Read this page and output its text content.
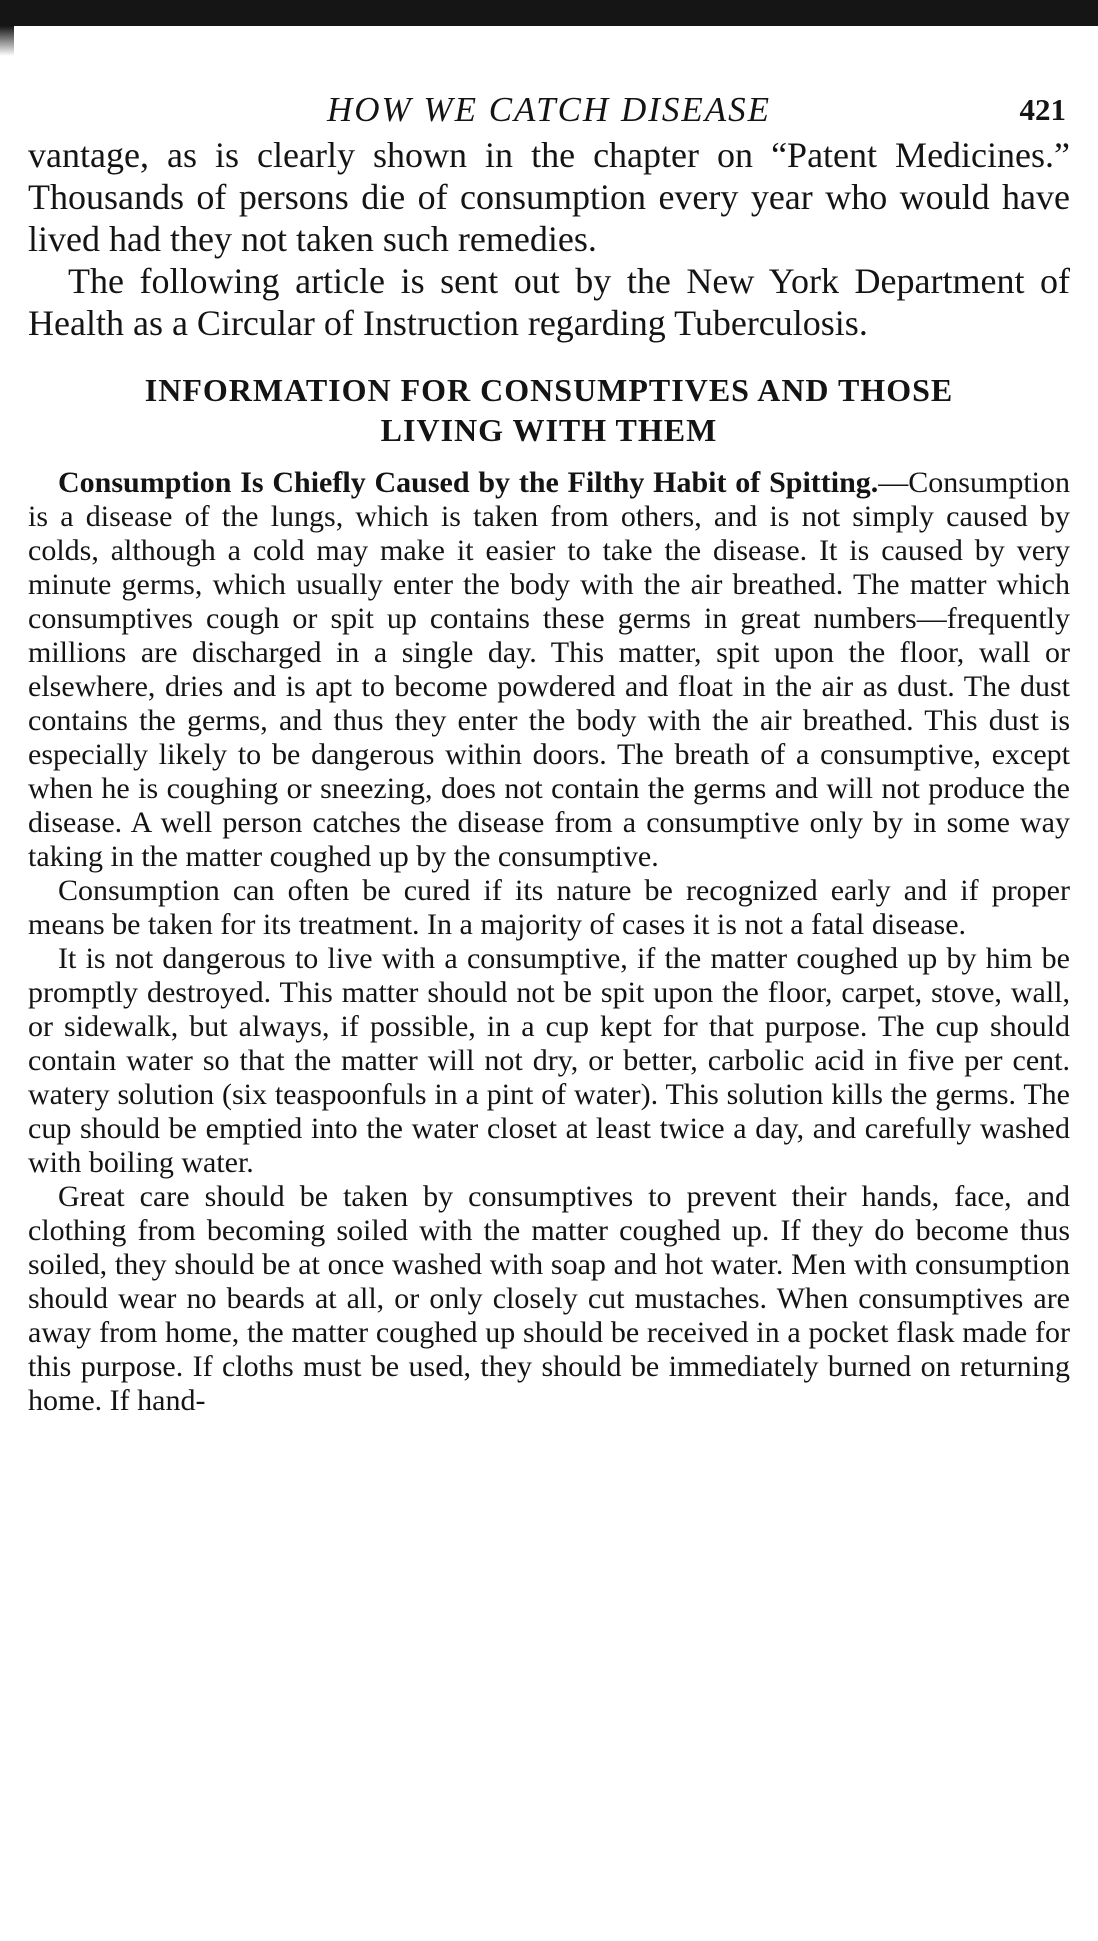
HOW WE CATCH DISEASE	421

vantage, as is clearly shown in the chapter on “Patent Medicines.” Thousands of persons die of consumption every year who would have lived had they not taken such remedies.

The following article is sent out by the New York Department of Health as a Circular of Instruction regarding Tuberculosis.

INFORMATION FOR CONSUMPTIVES AND THOSE
LIVING WITH THEM

Consumption Is Chiefly Caused by the Filthy Habit of Spitting.—Consumption is a disease of the lungs, which is taken from others, and is not simply caused by colds, although a cold may make it easier to take the disease. It is caused by very minute germs, which usually enter the body with the air breathed. The matter which consumptives cough or spit up contains these germs in great numbers—frequently millions are discharged in a single day. This matter, spit upon the floor, wall or elsewhere, dries and is apt to become powdered and float in the air as dust. The dust contains the germs, and thus they enter the body with the air breathed. This dust is especially likely to be dangerous within doors. The breath of a consumptive, except when he is coughing or sneezing, does not contain the germs and will not produce the disease. A well person catches the disease from a consumptive only by in some way taking in the matter coughed up by the consumptive.

Consumption can often be cured if its nature be recognized early and if proper means be taken for its treatment. In a majority of cases it is not a fatal disease.

It is not dangerous to live with a consumptive, if the matter coughed up by him be promptly destroyed. This matter should not be spit upon the floor, carpet, stove, wall, or sidewalk, but always, if possible, in a cup kept for that purpose. The cup should contain water so that the matter will not dry, or better, carbolic acid in five per cent. watery solution (six teaspoonfuls in a pint of water). This solution kills the germs. The cup should be emptied into the water closet at least twice a day, and carefully washed with boiling water.

Great care should be taken by consumptives to prevent their hands, face, and clothing from becoming soiled with the matter coughed up. If they do become thus soiled, they should be at once washed with soap and hot water. Men with consumption should wear no beards at all, or only closely cut mustaches. When consumptives are away from home, the matter coughed up should be received in a pocket flask made for this purpose. If cloths must be used, they should be immediately burned on returning home. If hand-
